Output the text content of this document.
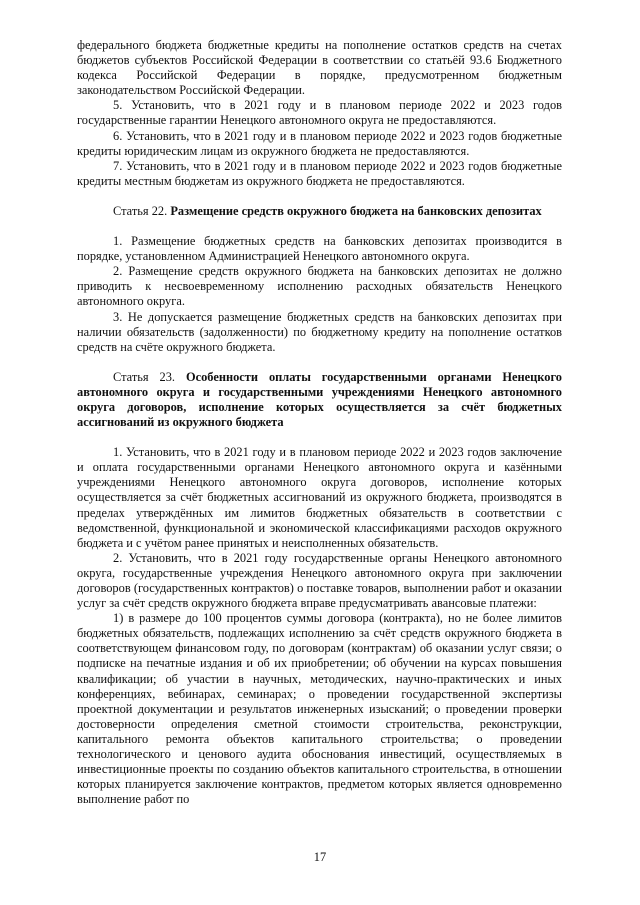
федерального бюджета бюджетные кредиты на пополнение остатков средств на счетах бюджетов субъектов Российской Федерации в соответствии со статьёй 93.6 Бюджетного кодекса Российской Федерации в порядке, предусмотренном бюджетным законодательством Российской Федерации.

5. Установить, что в 2021 году и в плановом периоде 2022 и 2023 годов государственные гарантии Ненецкого автономного округа не предоставляются.

6. Установить, что в 2021 году и в плановом периоде 2022 и 2023 годов бюджетные кредиты юридическим лицам из окружного бюджета не предоставляются.

7. Установить, что в 2021 году и в плановом периоде 2022 и 2023 годов бюджетные кредиты местным бюджетам из окружного бюджета не предоставляются.

Статья 22. Размещение средств окружного бюджета на банковских депозитах

1. Размещение бюджетных средств на банковских депозитах производится в порядке, установленном Администрацией Ненецкого автономного округа.

2. Размещение средств окружного бюджета на банковских депозитах не должно приводить к несвоевременному исполнению расходных обязательств Ненецкого автономного округа.

3. Не допускается размещение бюджетных средств на банковских депозитах при наличии обязательств (задолженности) по бюджетному кредиту на пополнение остатков средств на счёте окружного бюджета.

Статья 23. Особенности оплаты государственными органами Ненецкого автономного округа и государственными учреждениями Ненецкого автономного округа договоров, исполнение которых осуществляется за счёт бюджетных ассигнований из окружного бюджета

1. Установить, что в 2021 году и в плановом периоде 2022 и 2023 годов заключение и оплата государственными органами Ненецкого автономного округа и казёнными учреждениями Ненецкого автономного округа договоров, исполнение которых осуществляется за счёт бюджетных ассигнований из окружного бюджета, производятся в пределах утверждённых им лимитов бюджетных обязательств в соответствии с ведомственной, функциональной и экономической классификациями расходов окружного бюджета и с учётом ранее принятых и неисполненных обязательств.

2. Установить, что в 2021 году государственные органы Ненецкого автономного округа, государственные учреждения Ненецкого автономного округа при заключении договоров (государственных контрактов) о поставке товаров, выполнении работ и оказании услуг за счёт средств окружного бюджета вправе предусматривать авансовые платежи:

1) в размере до 100 процентов суммы договора (контракта), но не более лимитов бюджетных обязательств, подлежащих исполнению за счёт средств окружного бюджета в соответствующем финансовом году, по договорам (контрактам) об оказании услуг связи; о подписке на печатные издания и об их приобретении; об обучении на курсах повышения квалификации; об участии в научных, методических, научно-практических и иных конференциях, вебинарах, семинарах; о проведении государственной экспертизы проектной документации и результатов инженерных изысканий; о проведении проверки достоверности определения сметной стоимости строительства, реконструкции, капитального ремонта объектов капитального строительства; о проведении технологического и ценового аудита обоснования инвестиций, осуществляемых в инвестиционные проекты по созданию объектов капитального строительства, в отношении которых планируется заключение контрактов, предметом которых является одновременно выполнение работ по

17
